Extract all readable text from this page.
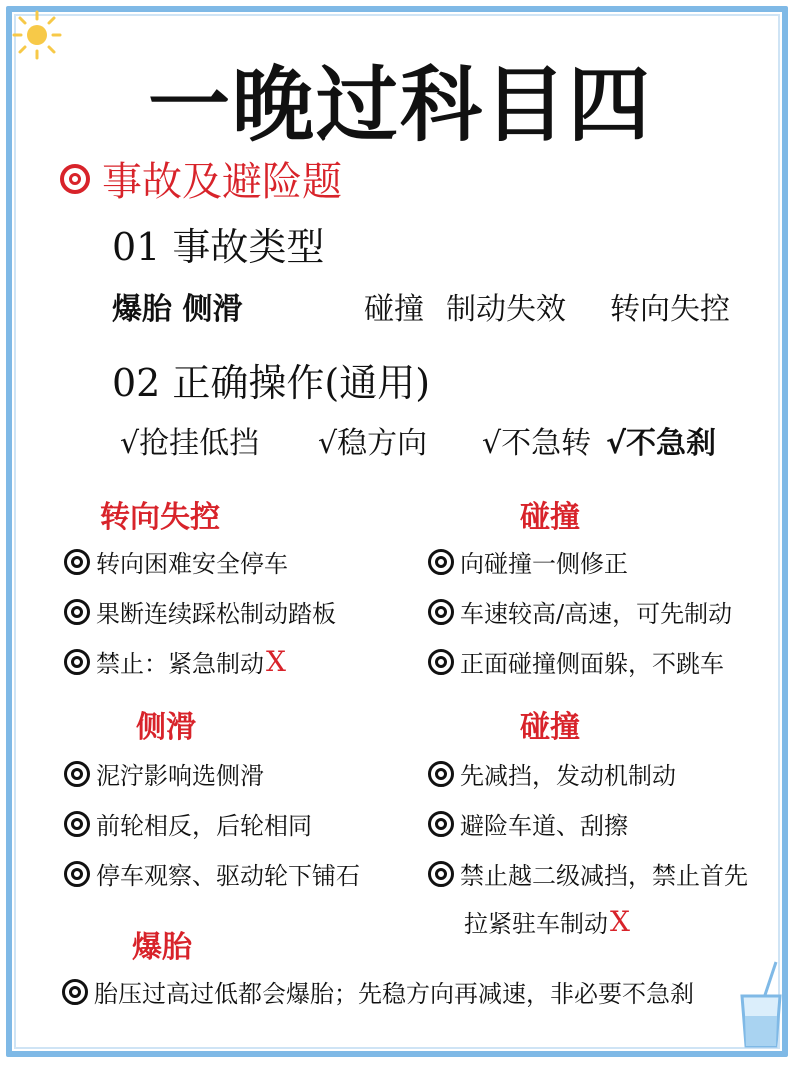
一晚过科目四
事故及避险题
01 事故类型
爆胎 侧滑	碰撞 制动失效 转向失控
02 正确操作(通用)
√抢挂低挡 √稳方向 √不急转 √不急刹
转向失控
转向困难安全停车
果断连续踩松制动踏板
禁止：紧急制动 X
碰撞
向碰撞一侧修正
车速较高/高速，可先制动
正面碰撞侧面躲，不跳车
侧滑
泥泞影响选侧滑
前轮相反，后轮相同
停车观察、驱动轮下铺石
碰撞
先减挡，发动机制动
避险车道、刮擦
禁止越二级减挡，禁止首先
拉紧驻车制动 X
爆胎
胎压过高过低都会爆胎；先稳方向再减速，非必要不急刹
